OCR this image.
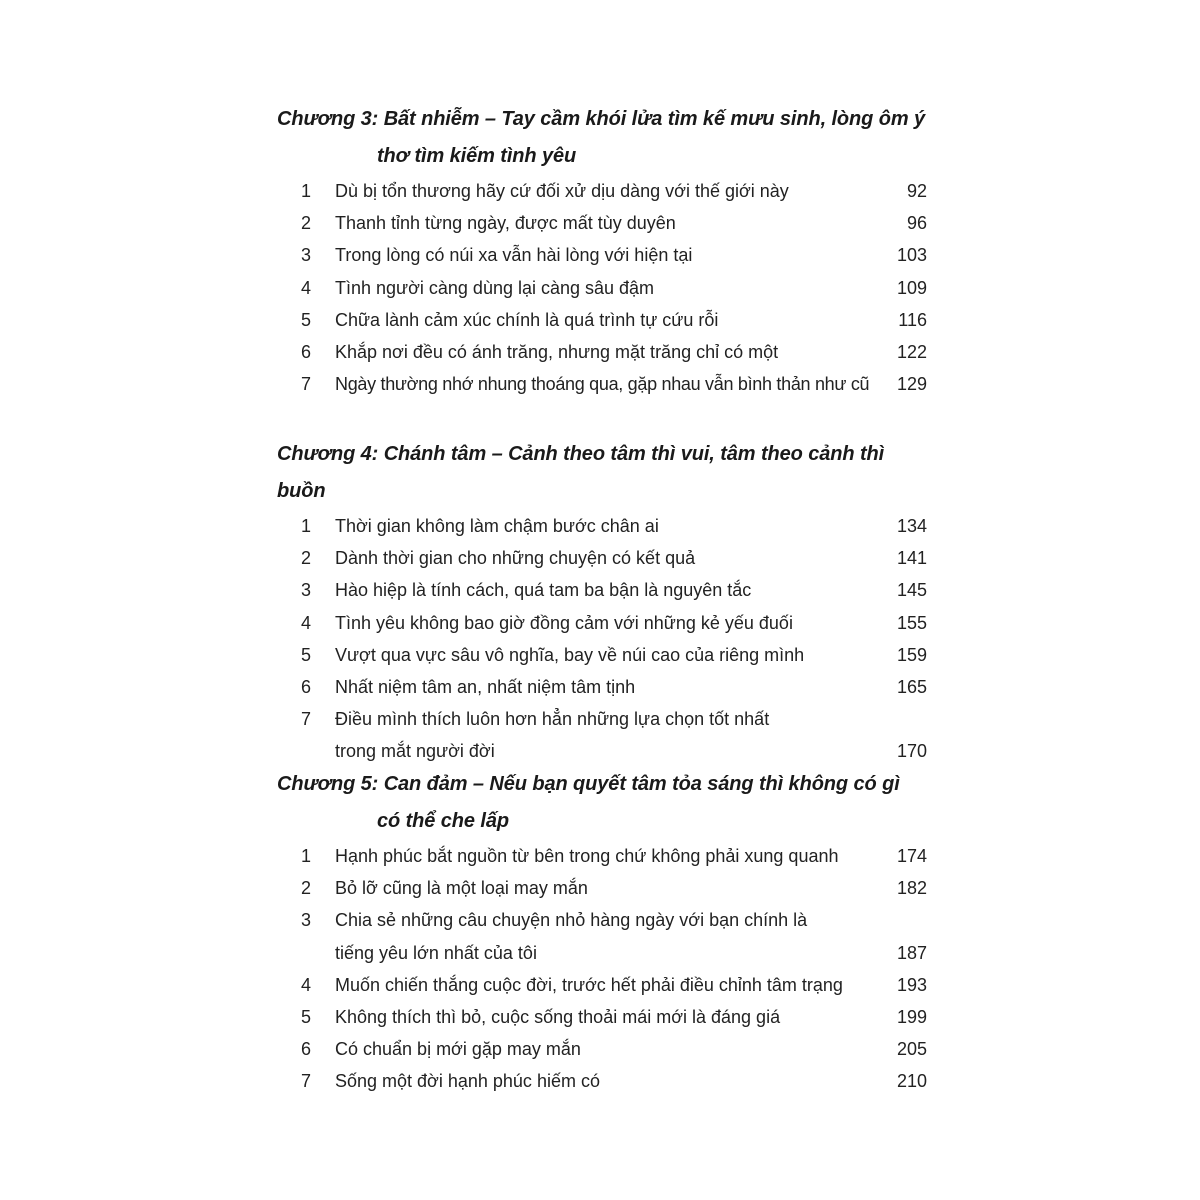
Chương 3: Bất nhiễm – Tay cầm khói lửa tìm kế mưu sinh, lòng ôm ý
thơ tìm kiếm tình yêu
1	Dù bị tổn thương hãy cứ đối xử dịu dàng với thế giới này	92
2	Thanh tỉnh từng ngày, được mất tùy duyên	96
3	Trong lòng có núi xa vẫn hài lòng với hiện tại	103
4	Tình người càng dùng lại càng sâu đậm	109
5	Chữa lành cảm xúc chính là quá trình tự cứu rỗi	116
6	Khắp nơi đều có ánh trăng, nhưng mặt trăng chỉ có một	122
7	Ngày thường nhớ nhung thoáng qua, gặp nhau vẫn bình thản như cũ	129
Chương 4: Chánh tâm – Cảnh theo tâm thì vui, tâm theo cảnh thì buồn
1	Thời gian không làm chậm bước chân ai	134
2	Dành thời gian cho những chuyện có kết quả	141
3	Hào hiệp là tính cách, quá tam ba bận là nguyên tắc	145
4	Tình yêu không bao giờ đồng cảm với những kẻ yếu đuối	155
5	Vượt qua vực sâu vô nghĩa, bay về núi cao của riêng mình	159
6	Nhất niệm tâm an, nhất niệm tâm tịnh	165
7	Điều mình thích luôn hơn hẳn những lựa chọn tốt nhất
trong mắt người đời	170
Chương 5: Can đảm – Nếu bạn quyết tâm tỏa sáng thì không có gì
có thể che lấp
1	Hạnh phúc bắt nguồn từ bên trong chứ không phải xung quanh	174
2	Bỏ lỡ cũng là một loại may mắn	182
3	Chia sẻ những câu chuyện nhỏ hàng ngày với bạn chính là
tiếng yêu lớn nhất của tôi	187
4	Muốn chiến thắng cuộc đời, trước hết phải điều chỉnh tâm trạng	193
5	Không thích thì bỏ, cuộc sống thoải mái mới là đáng giá	199
6	Có chuẩn bị mới gặp may mắn	205
7	Sống một đời hạnh phúc hiếm có	210
